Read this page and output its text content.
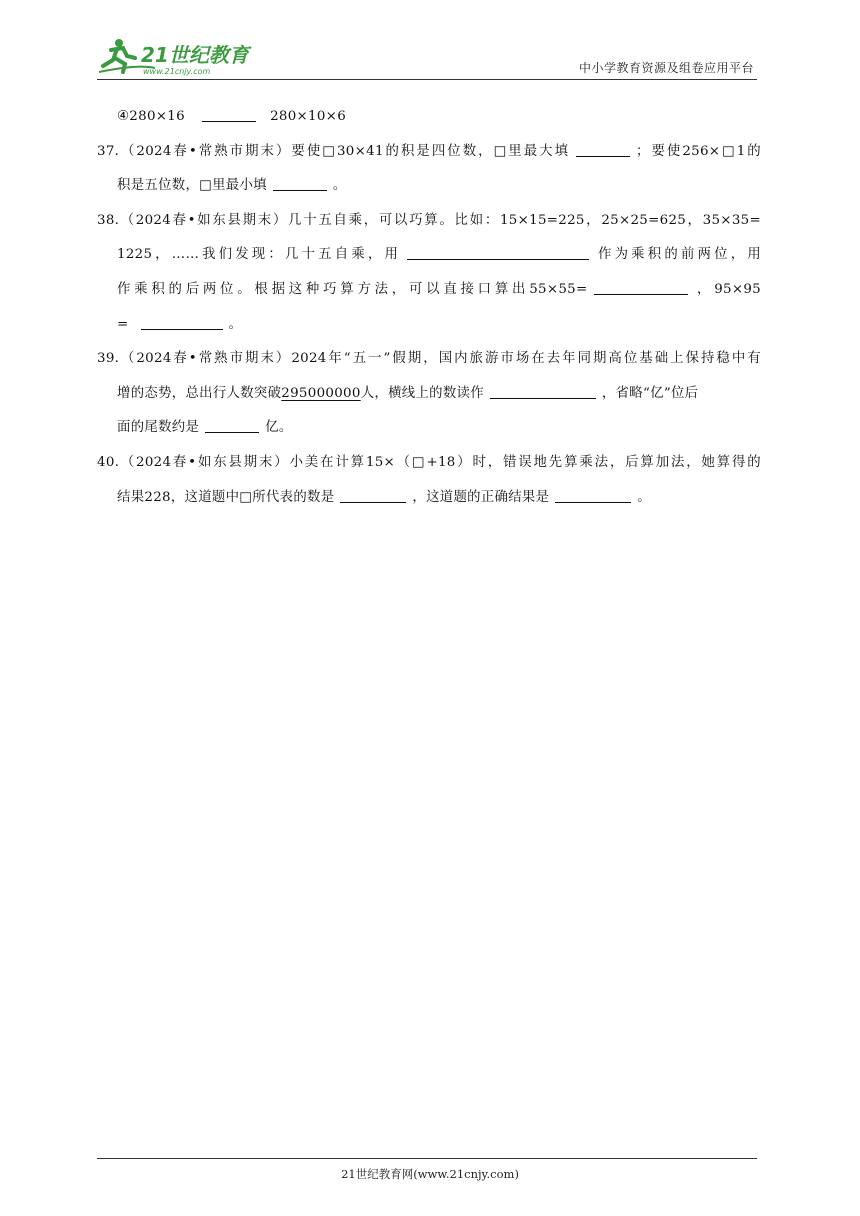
21世纪教育
www.21cnjy.com	中小学教育资源及组卷应用平台
④280×16	280×10×6
37.（2024春•常熟市期末）要使□30×41的积是四位数，□里最大填	；要使256×□1的
积是五位数，□里最小填	。
38.（2024春•如东县期末）几十五自乘，可以巧算。比如：15×15=225，25×25=625，35×35=
1225，……我们发现：几十五自乘，用	作为乘积的前两位，用
作乘积的后两位。根据这种巧算方法，可以直接口算出55×55=	，95×95
=	。
39.（2024春•常熟市期末）2024年“五一”假期，国内旅游市场在去年同期高位基础上保持稳中有
增的态势，总出行人数突破295000000人，横线上的数读作	，省略“亿”位后
面的尾数约是	亿。
40.（2024春•如东县期末）小美在计算15×（□+18）时，错误地先算乘法，后算加法，她算得的
结果228，这道题中□所代表的数是	，这道题的正确结果是	。
21世纪教育网(www.21cnjy.com)
